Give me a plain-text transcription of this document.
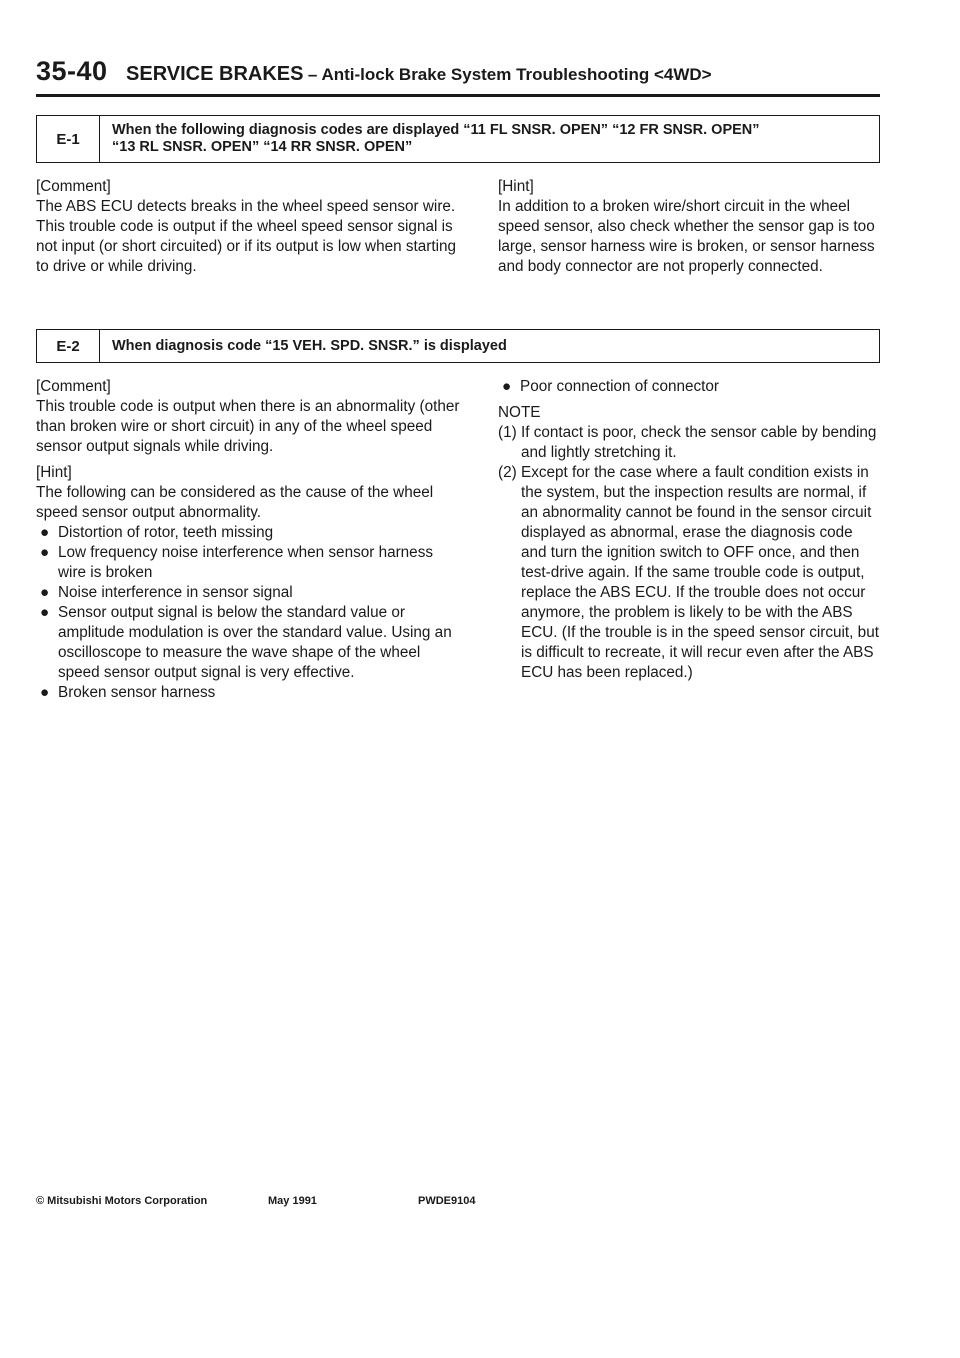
35-40 SERVICE BRAKES – Anti-lock Brake System Troubleshooting <4WD>
E-1
When the following diagnosis codes are displayed “11 FL SNSR. OPEN” “12 FR SNSR. OPEN”
“13 RL SNSR. OPEN” “14 RR SNSR. OPEN”

[Comment]

The ABS ECU detects breaks in the wheel speed sensor wire. This trouble code is output if the wheel speed sensor signal is not input (or short circuited) or if its output is low when starting to drive or while driving.

[Hint]

In addition to a broken wire/short circuit in the wheel speed sensor, also check whether the sensor gap is too large, sensor harness wire is broken, or sensor harness and body connector are not properly connected.

E-2	When diagnosis code “15 VEH. SPD. SNSR.” is displayed

[Comment]

This trouble code is output when there is an abnormality (other than broken wire or short circuit) in any of the wheel speed sensor output signals while driving.

[Hint]

The following can be considered as the cause of the wheel speed sensor output abnormality.

● Distortion of rotor, teeth missing
● Low frequency noise interference when sensor harness wire is broken
● Noise interference in sensor signal
● Sensor output signal is below the standard value or amplitude modulation is over the standard value. Using an oscilloscope to measure the wave shape of the wheel speed sensor output signal is very effective.
● Broken sensor harness
● Poor connection of connector

NOTE

(1) If contact is poor, check the sensor cable by bending and lightly stretching it.
(2) Except for the case where a fault condition exists in the system, but the inspection results are normal, if an abnormality cannot be found in the sensor circuit displayed as abnormal, erase the diagnosis code and turn the ignition switch to OFF once, and then test-drive again. If the same trouble code is output, replace the ABS ECU. If the trouble does not occur anymore, the problem is likely to be with the ABS ECU. (If the trouble is in the speed sensor circuit, but is difficult to recreate, it will recur even after the ABS ECU has been replaced.)
© Mitsubishi Motors Corporation	May 1991	PWDE9104
